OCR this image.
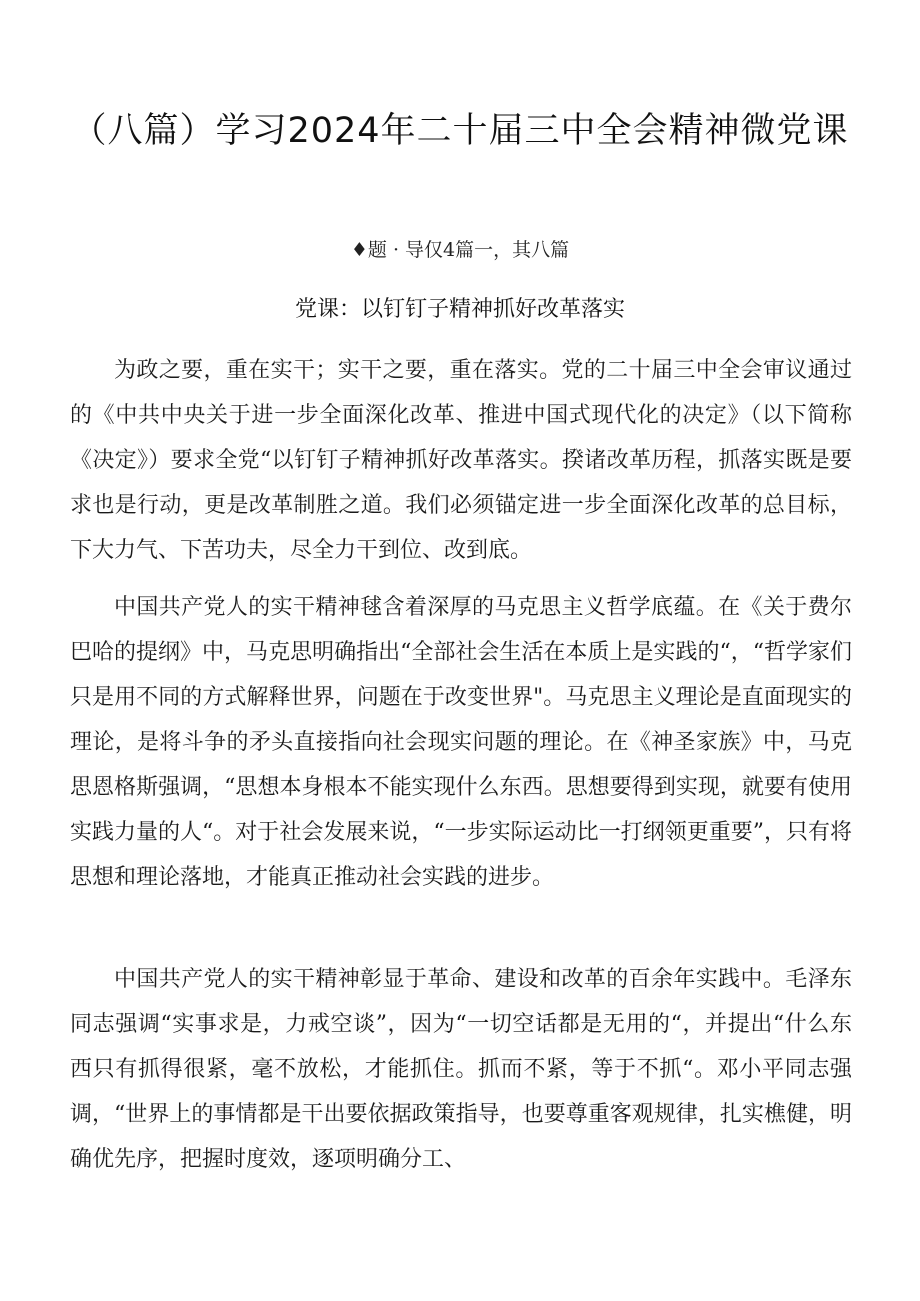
（八篇）学习2024年二十届三中全会精神微党课
♦题 · 导仅4篇一，其八篇
党课：以钉钉子精神抓好改革落实

为政之要，重在实干；实干之要，重在落实。党的二十届三中全会审议通过的《中共中央关于进一步全面深化改革、推进中国式现代化的决定》（以下简称《决定》）要求全党“以钉钉子精神抓好改革落实。揆诸改革历程，抓落实既是要求也是行动，更是改革制胜之道。我们必须锚定进一步全面深化改革的总目标，下大力气、下苦功夫，尽全力干到位、改到底。

中国共产党人的实干精神毬含着深厚的马克思主义哲学底蕴。在《关于费尔巴哈的提纲》中，马克思明确指出“全部社会生活在本质上是实践的“，“哲学家们只是用不同的方式解释世界，问题在于改变世界"。马克思主义理论是直面现实的理论，是将斗争的矛头直接指向社会现实问题的理论。在《神圣家族》中，马克思恩格斯强调，“思想本身根本不能实现什么东西。思想要得到实现，就要有使用实践力量的人“。对于社会发展来说，“一步实际运动比一打纲领更重要”，只有将思想和理论落地，才能真正推动社会实践的进步。

中国共产党人的实干精神彰显于革命、建设和改革的百余年实践中。毛泽东同志强调“实事求是，力戒空谈”，因为“一切空话都是无用的“，并提出“什么东西只有抓得很紧，毫不放松，才能抓住。抓而不紧，等于不抓“。邓小平同志强调，“世界上的事情都是干出要依据政策指导，也要尊重客观规律，扎实樵健，明确优先序，把握时度效，逐项明确分工、
